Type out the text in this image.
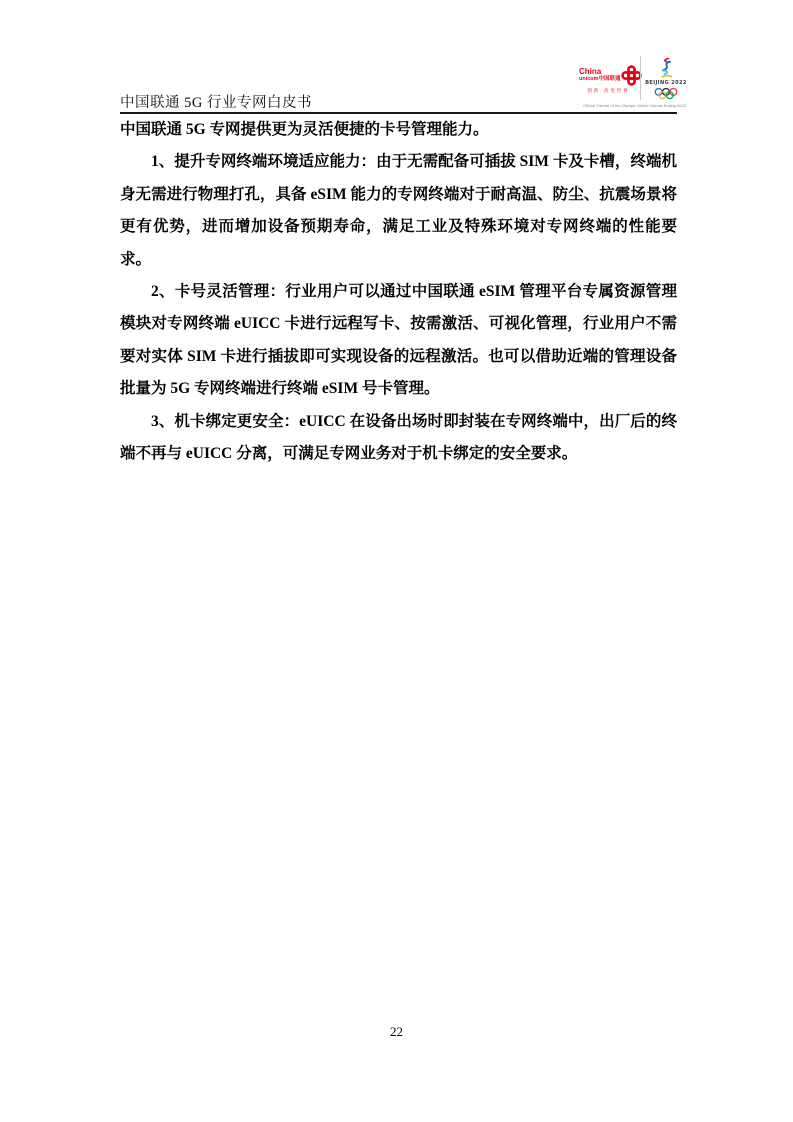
China
unicom中国联通
创新·改变世界
BEIJING 2022
Official Partner of the Olympic Winter Games Beijing 2022
中国联通 5G 行业专网白皮书

中国联通 5G 专网提供更为灵活便捷的卡号管理能力。

1、提升专网终端环境适应能力：由于无需配备可插拔 SIM 卡及卡槽，终端机身无需进行物理打孔，具备 eSIM 能力的专网终端对于耐高温、防尘、抗震场景将更有优势，进而增加设备预期寿命，满足工业及特殊环境对专网终端的性能要求。

2、卡号灵活管理：行业用户可以通过中国联通 eSIM 管理平台专属资源管理模块对专网终端 eUICC 卡进行远程写卡、按需激活、可视化管理，行业用户不需要对实体 SIM 卡进行插拔即可实现设备的远程激活。也可以借助近端的管理设备批量为 5G 专网终端进行终端 eSIM 号卡管理。

3、机卡绑定更安全：eUICC 在设备出场时即封装在专网终端中，出厂后的终端不再与 eUICC 分离，可满足专网业务对于机卡绑定的安全要求。

22
